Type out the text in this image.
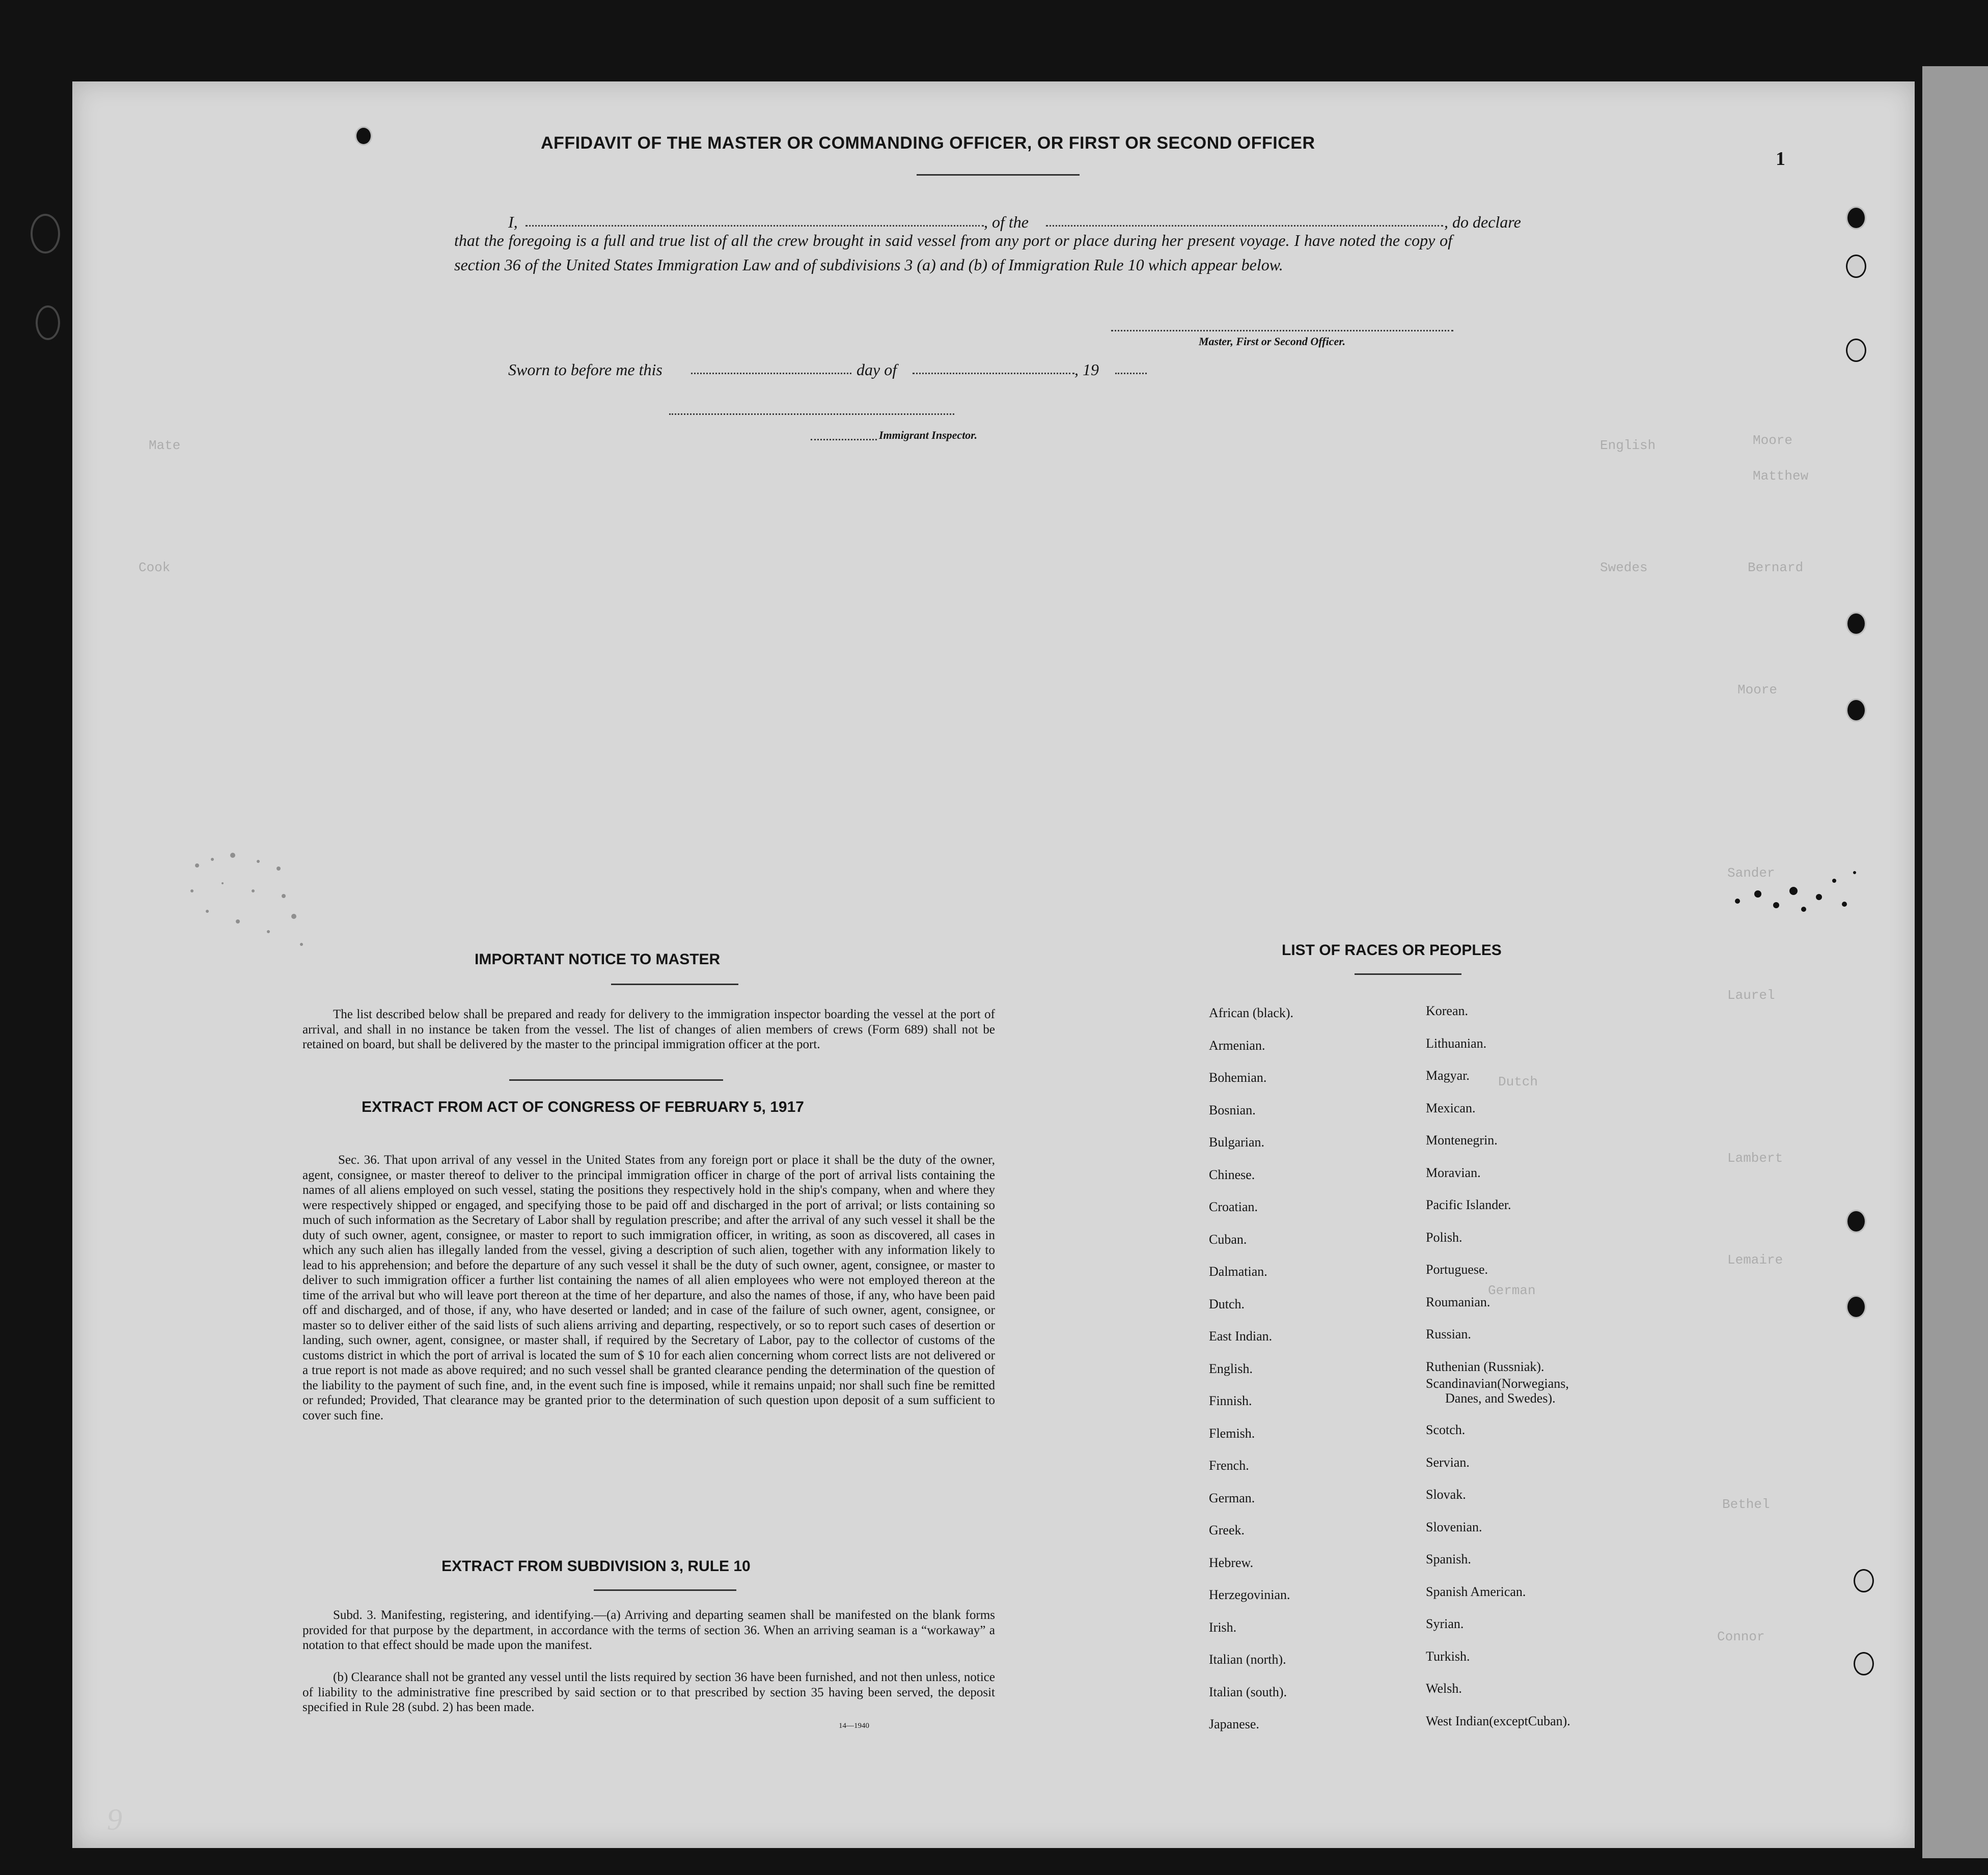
Moore
Matthew
Bernard
Moore
Sander
Laurel
Lambert
Lemaire
Bethel
Connor
English
Swedes
Dutch
German
Mate
Cook
AFFIDAVIT OF THE MASTER OR COMMANDING OFFICER, OR FIRST OR SECOND OFFICER
I,	, of the	, do declare
that the foregoing is a full and true list of all the crew brought in said vessel from any port or place during her present voyage. I have noted the copy of section 36 of the United States Immigration Law and of subdivisions 3 (a) and (b) of Immigration Rule 10 which appear below.
Master, First or Second Officer.
Sworn to before me this	day of	, 19
Immigrant Inspector.
IMPORTANT NOTICE TO MASTER
The list described below shall be prepared and ready for delivery to the immigration inspector boarding the vessel at the port of arrival, and shall in no instance be taken from the vessel. The list of changes of alien members of crews (Form 689) shall not be retained on board, but shall be delivered by the master to the principal immigration officer at the port.
EXTRACT FROM ACT OF CONGRESS OF FEBRUARY 5, 1917
Sec. 36. That upon arrival of any vessel in the United States from any foreign port or place it shall be the duty of the owner, agent, consignee, or master thereof to deliver to the principal immigration officer in charge of the port of arrival lists containing the names of all aliens employed on such vessel, stating the positions they respectively hold in the ship's company, when and where they were respectively shipped or engaged, and specifying those to be paid off and discharged in the port of arrival; or lists containing so much of such information as the Secretary of Labor shall by regulation prescribe; and after the arrival of any such vessel it shall be the duty of such owner, agent, consignee, or master to report to such immigration officer, in writing, as soon as discovered, all cases in which any such alien has illegally landed from the vessel, giving a description of such alien, together with any information likely to lead to his apprehension; and before the departure of any such vessel it shall be the duty of such owner, agent, consignee, or master to deliver to such immigration officer a further list containing the names of all alien employees who were not employed thereon at the time of the arrival but who will leave port thereon at the time of her departure, and also the names of those, if any, who have been paid off and discharged, and of those, if any, who have deserted or landed; and in case of the failure of such owner, agent, consignee, or master so to deliver either of the said lists of such aliens arriving and departing, respectively, or so to report such cases of desertion or landing, such owner, agent, consignee, or master shall, if required by the Secretary of Labor, pay to the collector of customs of the customs district in which the port of arrival is located the sum of $ 10 for each alien concerning whom correct lists are not delivered or a true report is not made as above required; and no such vessel shall be granted clearance pending the determination of the question of the liability to the payment of such fine, and, in the event such fine is imposed, while it remains unpaid; nor shall such fine be remitted or refunded; Provided, That clearance may be granted prior to the determination of such question upon deposit of a sum sufficient to cover such fine.
EXTRACT FROM SUBDIVISION 3, RULE 10
Subd. 3. Manifesting, registering, and identifying.—(a) Arriving and departing seamen shall be manifested on the blank forms provided for that purpose by the department, in accordance with the terms of section 36. When an arriving seaman is a “workaway” a notation to that effect should be made upon the manifest.
(b) Clearance shall not be granted any vessel until the lists required by section 36 have been furnished, and not then unless, notice of liability to the administrative fine prescribed by said section or to that prescribed by section 35 having been served, the deposit specified in Rule 28 (subd. 2) has been made.
14—1940
LIST OF RACES OR PEOPLES
African (black).
Armenian.
Bohemian.
Bosnian.
Bulgarian.
Chinese.
Croatian.
Cuban.
Dalmatian.
Dutch.
East Indian.
English.
Finnish.
Flemish.
French.
German.
Greek.
Hebrew.
Herzegovinian.
Irish.
Italian (north).
Italian (south).
Japanese.
Korean.
Lithuanian.
Magyar.
Mexican.
Montenegrin.
Moravian.
Pacific Islander.
Polish.
Portuguese.
Roumanian.
Russian.
Ruthenian (Russniak).
Scotch.
Servian.
Slovak.
Slovenian.
Spanish.
Spanish American.
Syrian.
Turkish.
Welsh.
West Indian(exceptCuban).
Scandinavian(Norwegians,
Danes, and Swedes).
1
9
